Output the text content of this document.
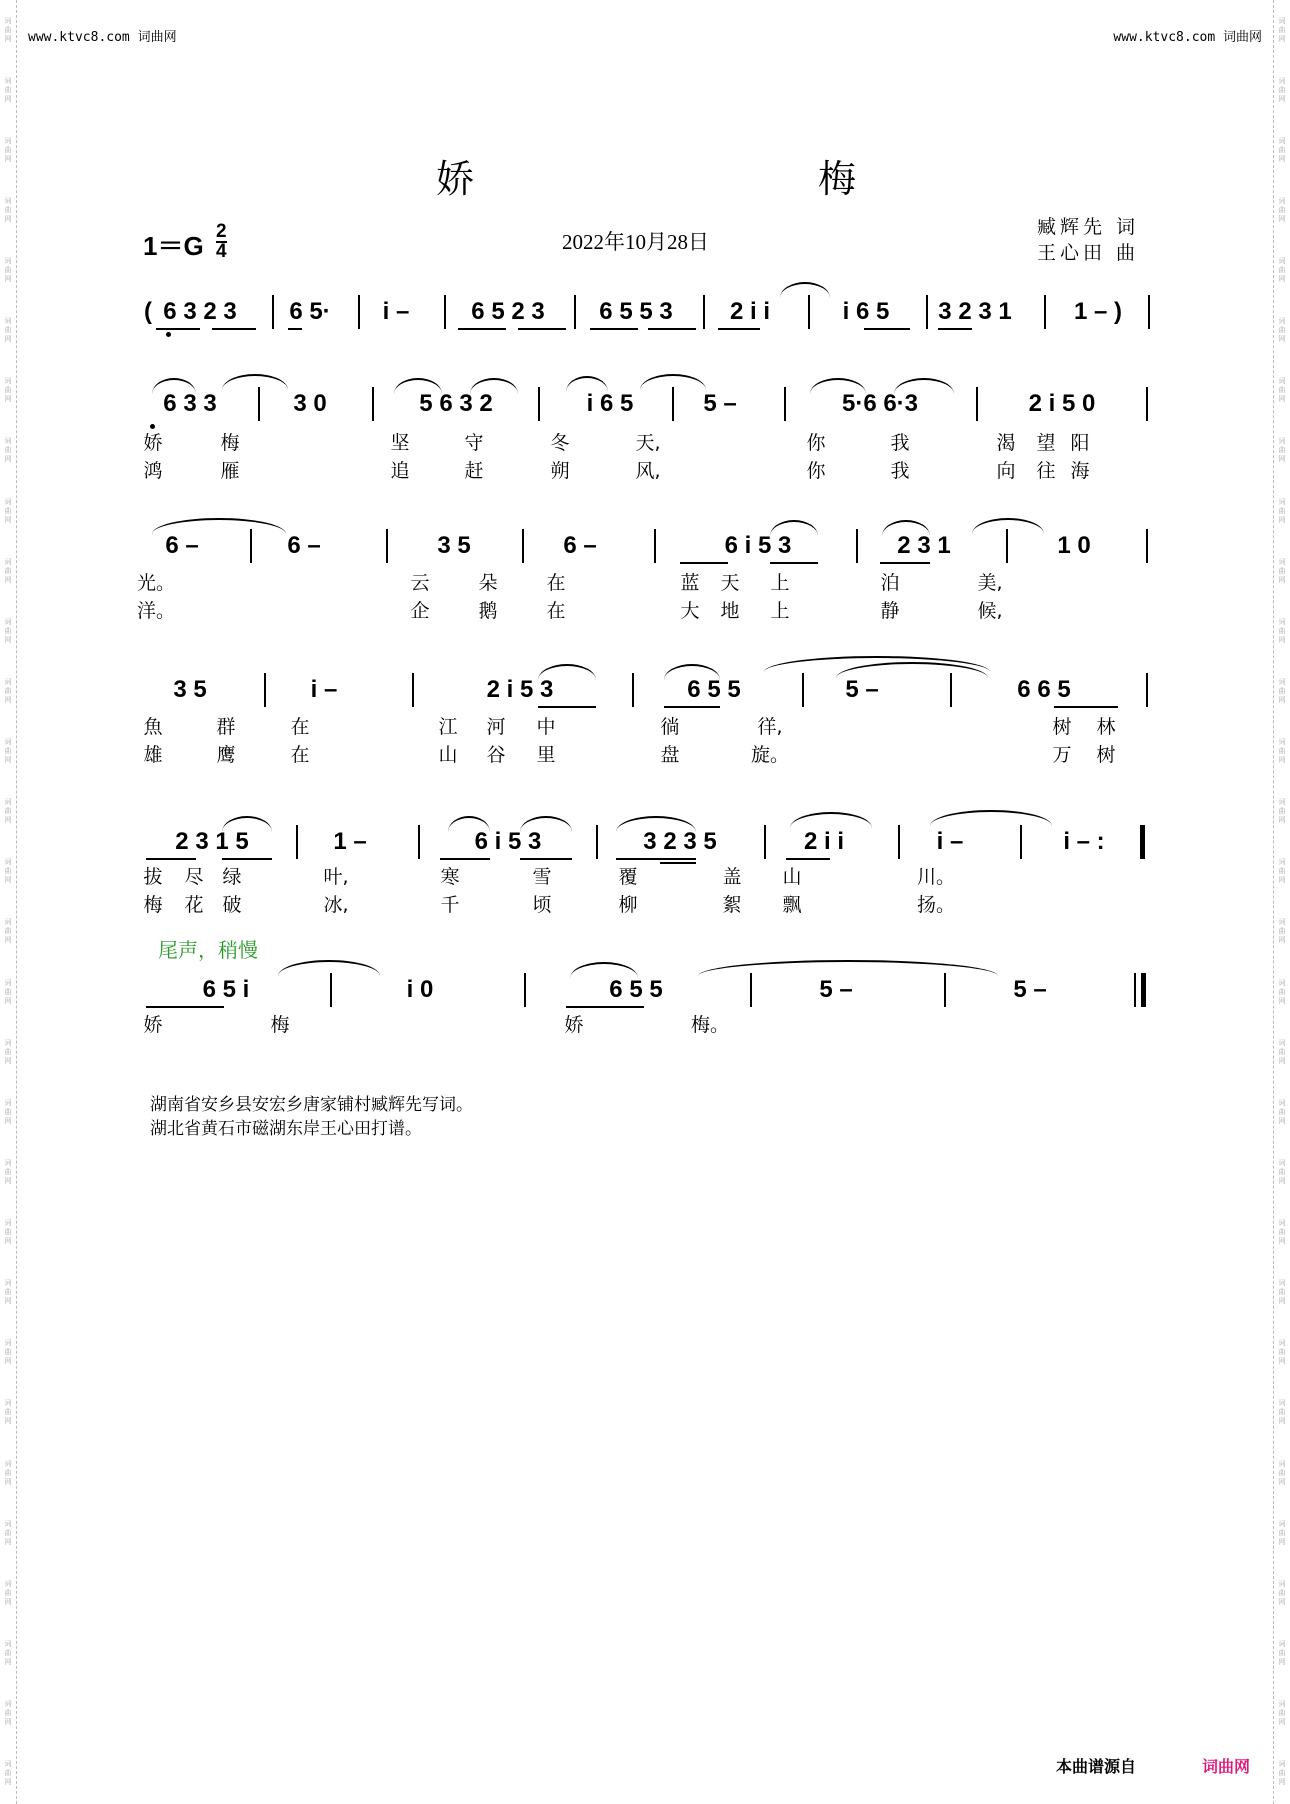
词
曲
网
词
曲
网
词
曲
网
词
曲
网
词
曲
网
词
曲
网
词
曲
网
词
曲
网
词
曲
网
词
曲
网
词
曲
网
词
曲
网
词
曲
网
词
曲
网
词
曲
网
词
曲
网
词
曲
网
词
曲
网
词
曲
网
词
曲
网
词
曲
网
词
曲
网
词
曲
网
词
曲
网
词
曲
网
词
曲
网
词
曲
网
词
曲
网
词
曲
网
词
曲
网
词
曲
网
词
曲
网
词
曲
网
词
曲
网
词
曲
网
词
曲
网
词
曲
网
词
曲
网
词
曲
网
词
曲
网
词
曲
网
词
曲
网
词
曲
网
词
曲
网
词
曲
网
词
曲
网
词
曲
网
词
曲
网
词
曲
网
词
曲
网
词
曲
网
词
曲
网
词
曲
网
词
曲
网
词
曲
网
词
曲
网
词
曲
网
词
曲
网
词
曲
网
词
曲
网
www.ktvc8.com 词曲网	www.ktvc8.com 词曲网
娇	梅
1＝G 2
4	2022年10月28日
臧辉先 词
王心田 曲
( 6 3 2 3 6 5· i –	6 5 2 3 6 5 5 3 2 i i	i 6 5 3 2 3 1	1 – )
6 3 3	3 0	5 6 3 2	i 6 5	5 –	5·6 6·3	2 i 5 0
娇	梅	坚	守	冬	天,	你	我	渴 望 阳
鸿	雁	追	赶	朔	风,	你	我	向 往 海
6 –	6 –	3 5	6 –	6 i 5 3	2 3 1	1 0
光。	云	朵	在	蓝 天 上	泊	美,
洋。	企	鹅	在	大 地 上	静	候,
3 5	i –	2 i 5 3	6 5 5	5 –	6 6 5
魚	群	在	江 河 中	徜	徉,	树 林
雄	鹰	在	山 谷 里	盘	旋。	万 树
2 3 1 5	1 –	6 i 5 3	3 2 3 5	2 i i	i –	i – :
拔 尽 绿	叶,	寒	雪	覆	盖 山	川。
梅 花 破	冰,	千	顷	柳	絮 飘	扬。
尾声，稍慢
6 5 i	i 0	6 5 5	5 –	5 –
娇	梅	娇	梅。
湖南省安乡县安宏乡唐家铺村臧辉先写词。
湖北省黄石市磁湖东岸王心田打谱。
本曲谱源自	词曲网
